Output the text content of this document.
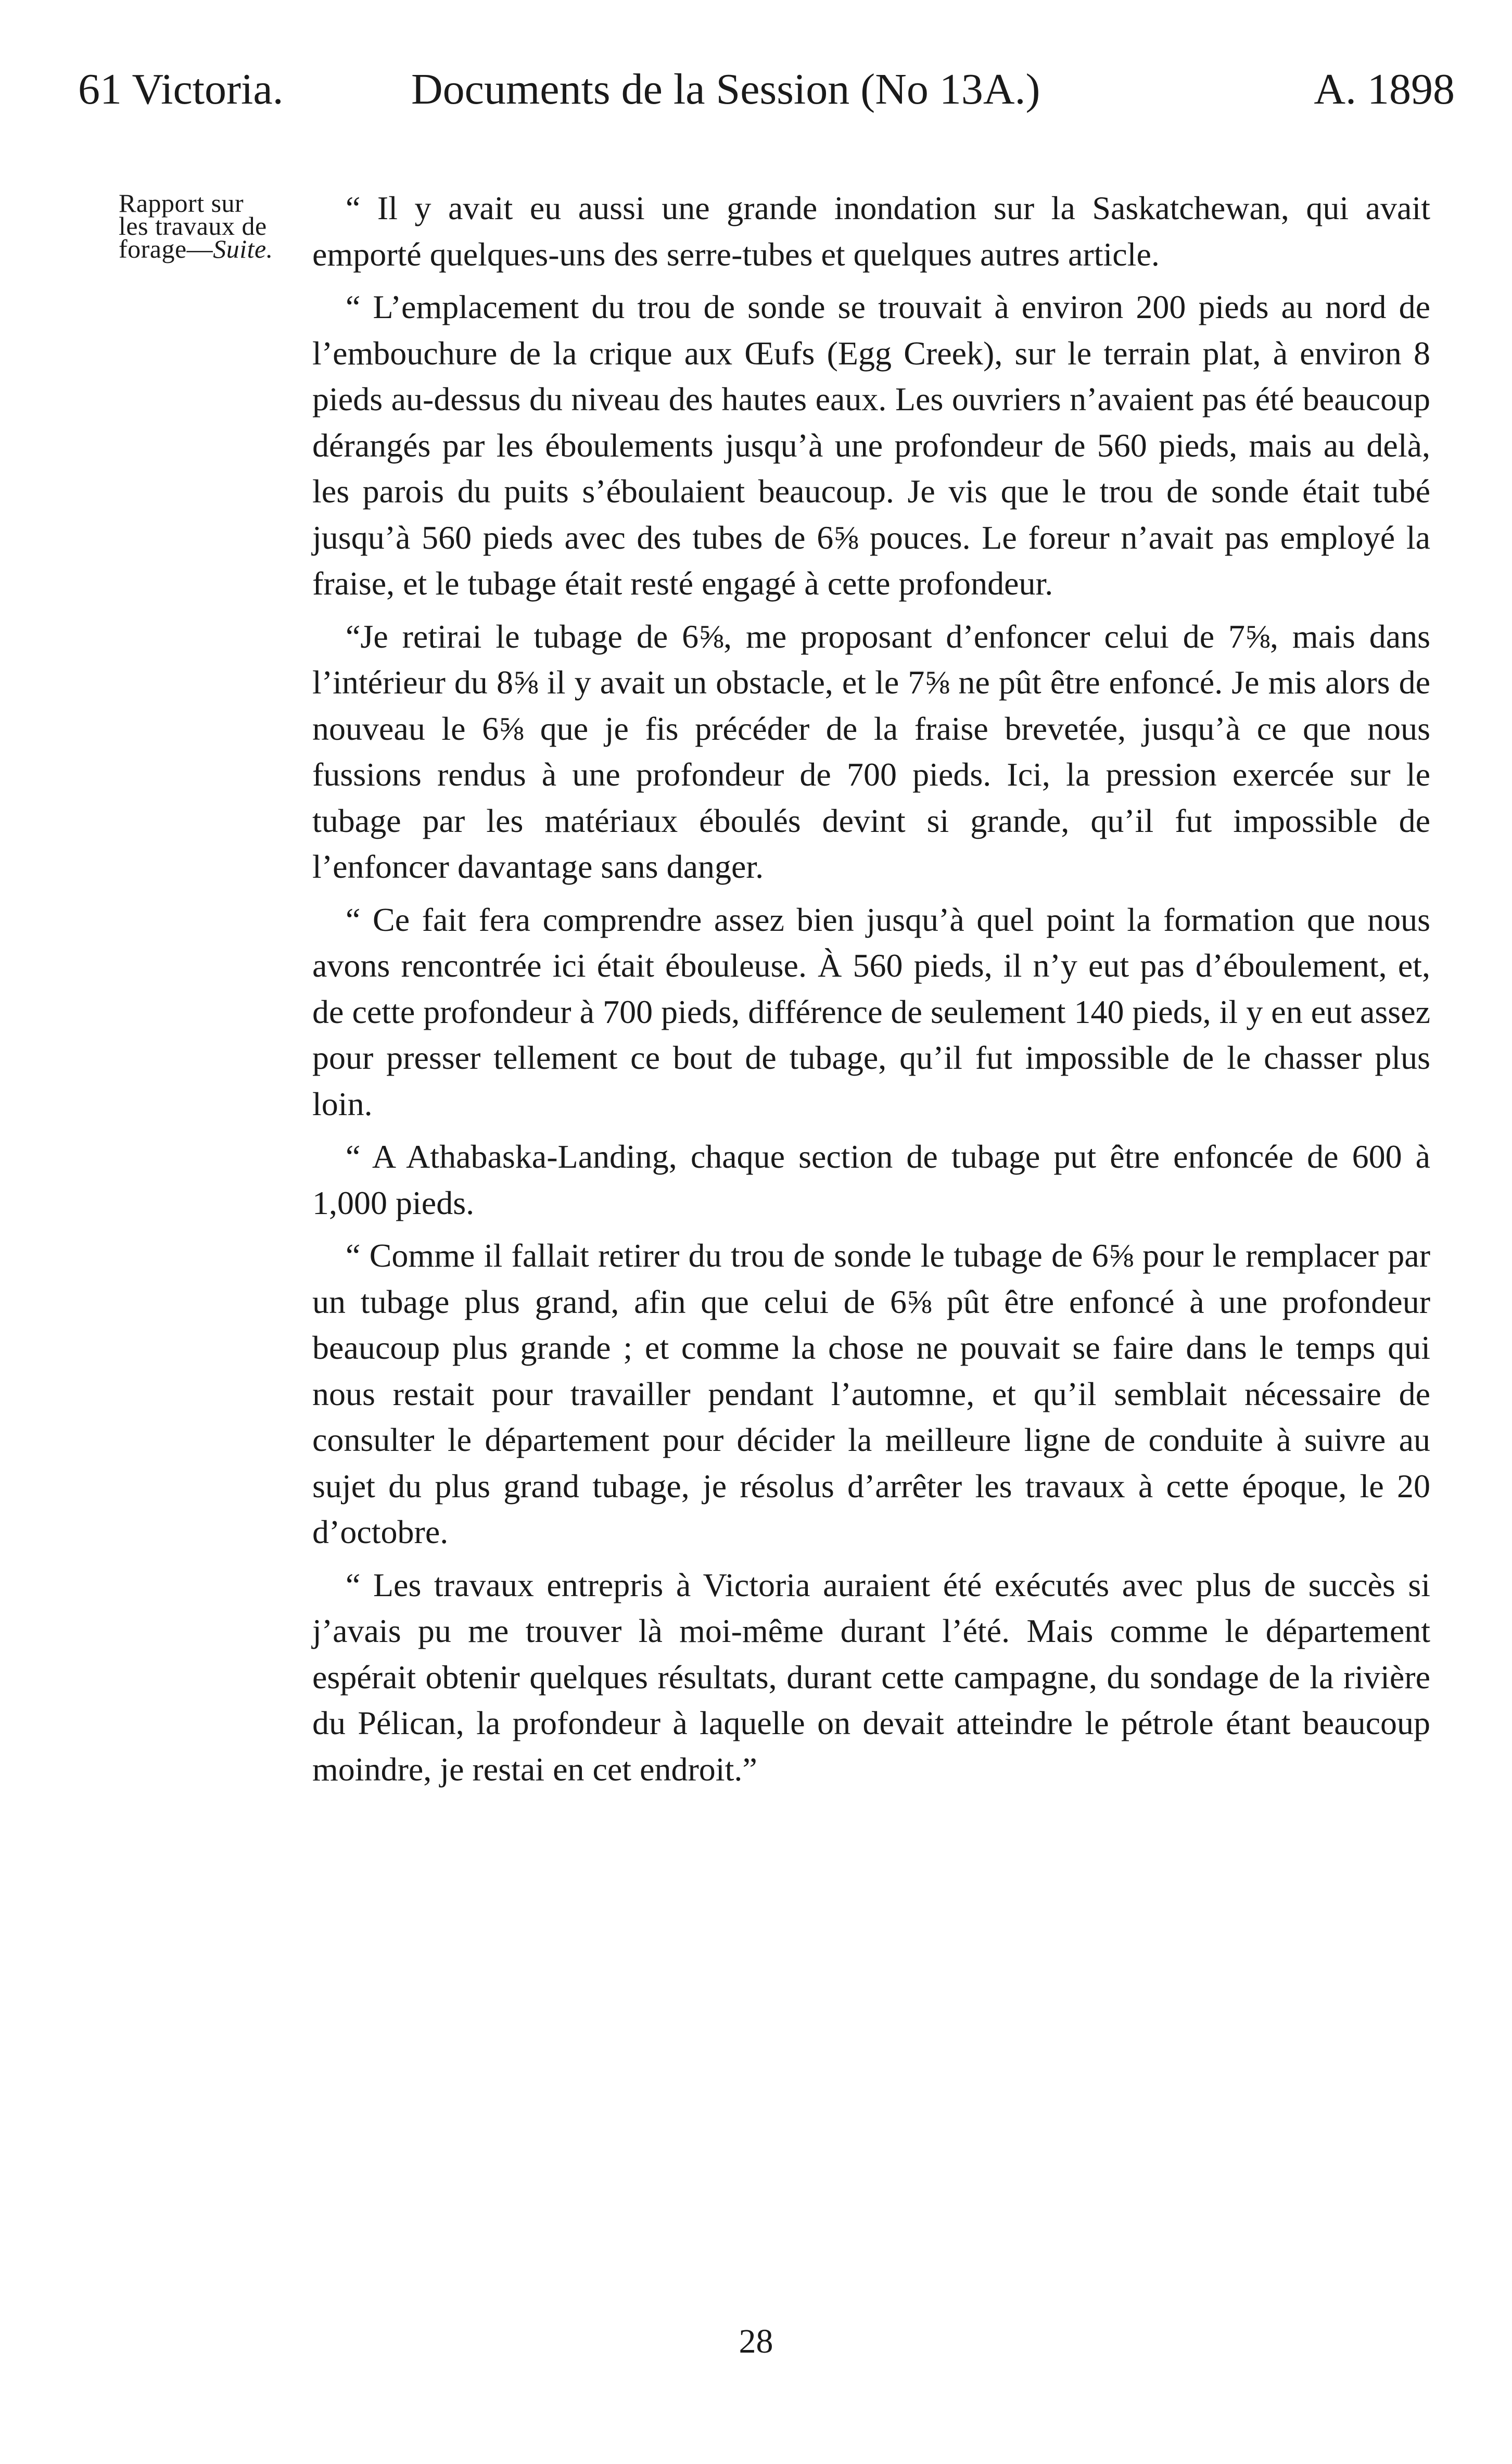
61 Victoria.	Documents de la Session (No 13A.)	A. 1898
Rapport sur
les travaux de
forage—Suite.

“ Il y avait eu aussi une grande inondation sur la Saskatchewan, qui avait emporté quelques-uns des serre-tubes et quelques autres article.

“ L’emplacement du trou de sonde se trouvait à environ 200 pieds au nord de l’embouchure de la crique aux Œufs (Egg Creek), sur le terrain plat, à environ 8 pieds au-dessus du niveau des hautes eaux. Les ouvriers n’avaient pas été beaucoup dérangés par les éboulements jusqu’à une profondeur de 560 pieds, mais au delà, les parois du puits s’éboulaient beaucoup. Je vis que le trou de sonde était tubé jusqu’à 560 pieds avec des tubes de 6⅝ pouces. Le foreur n’avait pas employé la fraise, et le tubage était resté engagé à cette profondeur.

“Je retirai le tubage de 6⅝, me proposant d’enfoncer celui de 7⅝, mais dans l’intérieur du 8⅝ il y avait un obstacle, et le 7⅝ ne pût être enfoncé. Je mis alors de nouveau le 6⅝ que je fis précéder de la fraise brevetée, jusqu’à ce que nous fussions rendus à une profondeur de 700 pieds. Ici, la pression exercée sur le tubage par les matériaux éboulés devint si grande, qu’il fut impossible de l’enfoncer davantage sans danger.

“ Ce fait fera comprendre assez bien jusqu’à quel point la formation que nous avons rencontrée ici était ébouleuse. À 560 pieds, il n’y eut pas d’éboulement, et, de cette profondeur à 700 pieds, différence de seulement 140 pieds, il y en eut assez pour presser tellement ce bout de tubage, qu’il fut impossible de le chasser plus loin.

“ A Athabaska-Landing, chaque section de tubage put être enfoncée de 600 à 1,000 pieds.

“ Comme il fallait retirer du trou de sonde le tubage de 6⅝ pour le remplacer par un tubage plus grand, afin que celui de 6⅝ pût être enfoncé à une profondeur beaucoup plus grande ; et comme la chose ne pouvait se faire dans le temps qui nous restait pour travailler pendant l’automne, et qu’il semblait nécessaire de consulter le département pour décider la meilleure ligne de conduite à suivre au sujet du plus grand tubage, je résolus d’arrêter les travaux à cette époque, le 20 d’octobre.

“ Les travaux entrepris à Victoria auraient été exécutés avec plus de succès si j’avais pu me trouver là moi-même durant l’été. Mais comme le département espérait obtenir quelques résultats, durant cette campagne, du sondage de la rivière du Pélican, la profondeur à laquelle on devait atteindre le pétrole étant beaucoup moindre, je restai en cet endroit.”

28
